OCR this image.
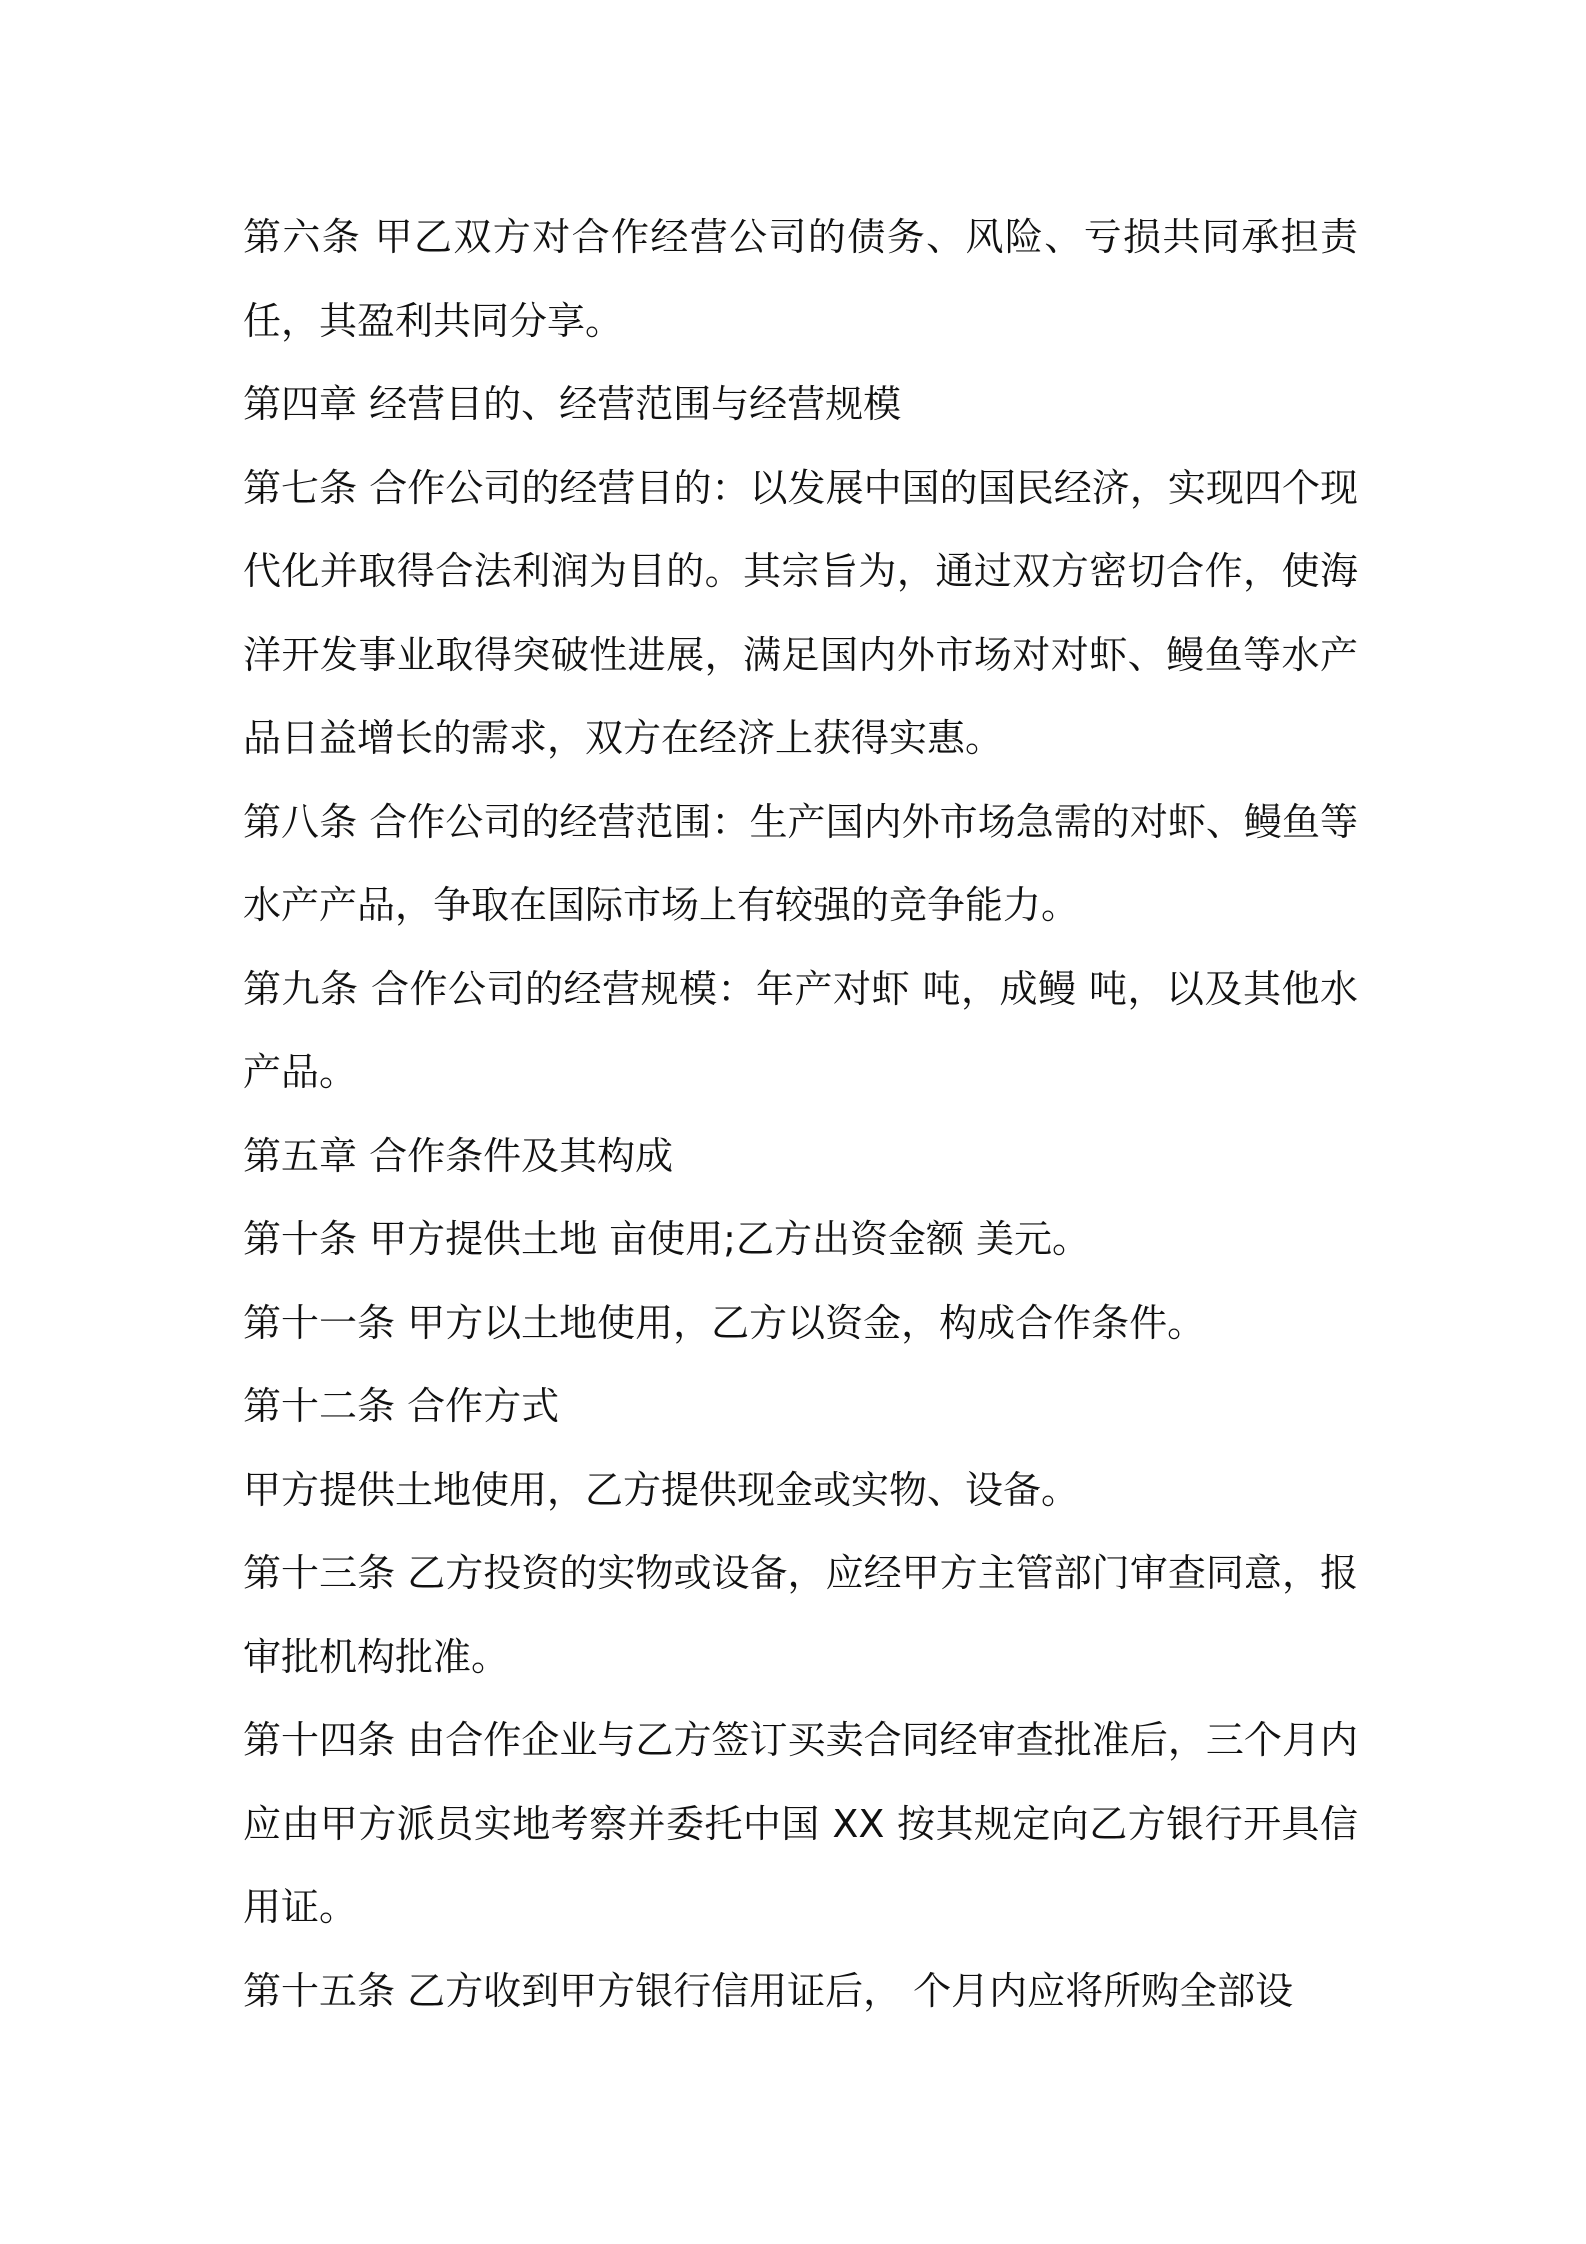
第六条 甲乙双方对合作经营公司的债务、风险、亏损共同承担责任，其盈利共同分享。

第四章 经营目的、经营范围与经营规模

第七条 合作公司的经营目的：以发展中国的国民经济，实现四个现代化并取得合法利润为目的。其宗旨为，通过双方密切合作，使海洋开发事业取得突破性进展，满足国内外市场对对虾、鳗鱼等水产品日益增长的需求，双方在经济上获得实惠。

第八条 合作公司的经营范围：生产国内外市场急需的对虾、鳗鱼等水产产品，争取在国际市场上有较强的竞争能力。

第九条 合作公司的经营规模：年产对虾 吨，成鳗 吨，以及其他水产品。

第五章 合作条件及其构成

第十条 甲方提供土地 亩使用;乙方出资金额 美元。

第十一条 甲方以土地使用，乙方以资金，构成合作条件。

第十二条 合作方式

甲方提供土地使用，乙方提供现金或实物、设备。

第十三条 乙方投资的实物或设备，应经甲方主管部门审查同意，报审批机构批准。

第十四条 由合作企业与乙方签订买卖合同经审查批准后，三个月内应由甲方派员实地考察并委托中国 XX 按其规定向乙方银行开具信用证。

第十五条 乙方收到甲方银行信用证后， 个月内应将所购全部设
